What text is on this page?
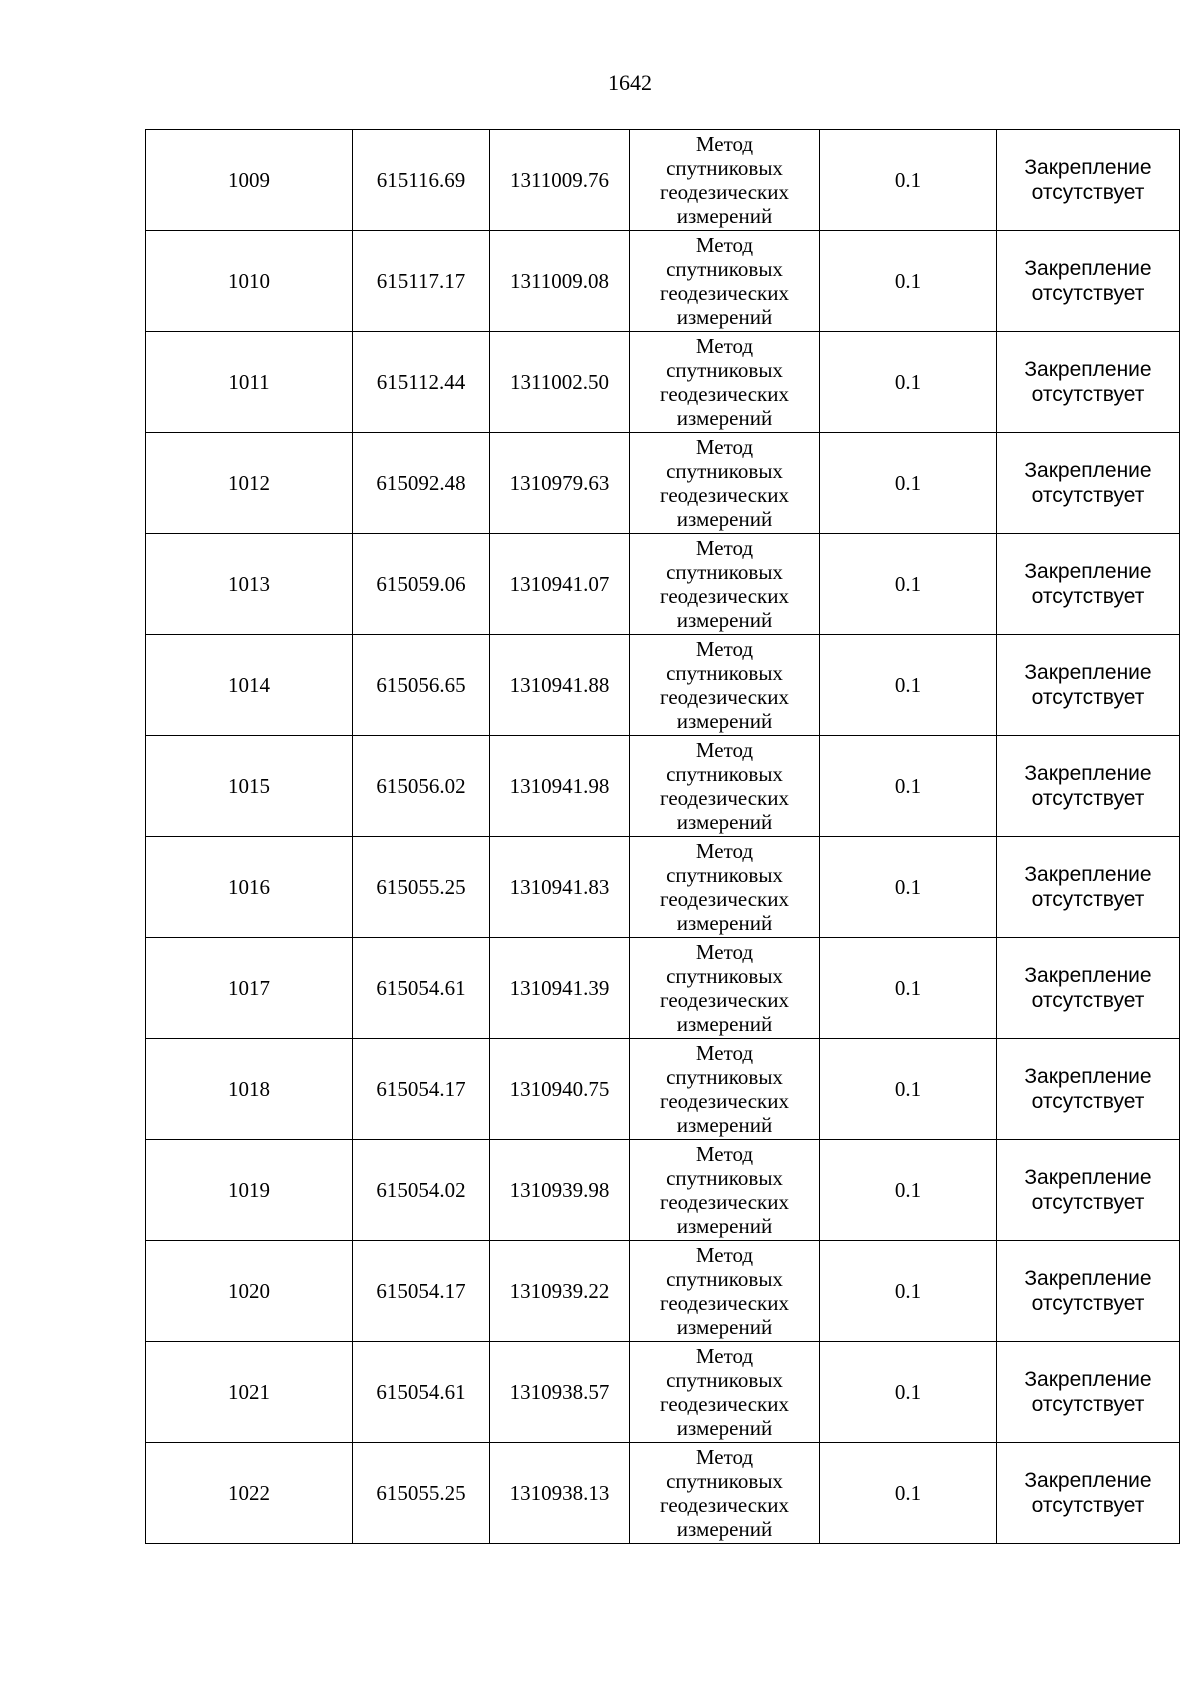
1642
1009	615116.69	1311009.76	Метод
спутниковых
геодезических
измерений	0.1	Закрепление
отсутствует

1010	615117.17	1311009.08	Метод
спутниковых
геодезических
измерений	0.1	Закрепление
отсутствует

1011	615112.44	1311002.50	Метод
спутниковых
геодезических
измерений	0.1	Закрепление
отсутствует

1012	615092.48	1310979.63	Метод
спутниковых
геодезических
измерений	0.1	Закрепление
отсутствует

1013	615059.06	1310941.07	Метод
спутниковых
геодезических
измерений	0.1	Закрепление
отсутствует

1014	615056.65	1310941.88	Метод
спутниковых
геодезических
измерений	0.1	Закрепление
отсутствует

1015	615056.02	1310941.98	Метод
спутниковых
геодезических
измерений	0.1	Закрепление
отсутствует

1016	615055.25	1310941.83	Метод
спутниковых
геодезических
измерений	0.1	Закрепление
отсутствует

1017	615054.61	1310941.39	Метод
спутниковых
геодезических
измерений	0.1	Закрепление
отсутствует

1018	615054.17	1310940.75	Метод
спутниковых
геодезических
измерений	0.1	Закрепление
отсутствует

1019	615054.02	1310939.98	Метод
спутниковых
геодезических
измерений	0.1	Закрепление
отсутствует

1020	615054.17	1310939.22	Метод
спутниковых
геодезических
измерений	0.1	Закрепление
отсутствует

1021	615054.61	1310938.57	Метод
спутниковых
геодезических
измерений	0.1	Закрепление
отсутствует

1022	615055.25	1310938.13	Метод
спутниковых
геодезических
измерений	0.1	Закрепление
отсутствует
